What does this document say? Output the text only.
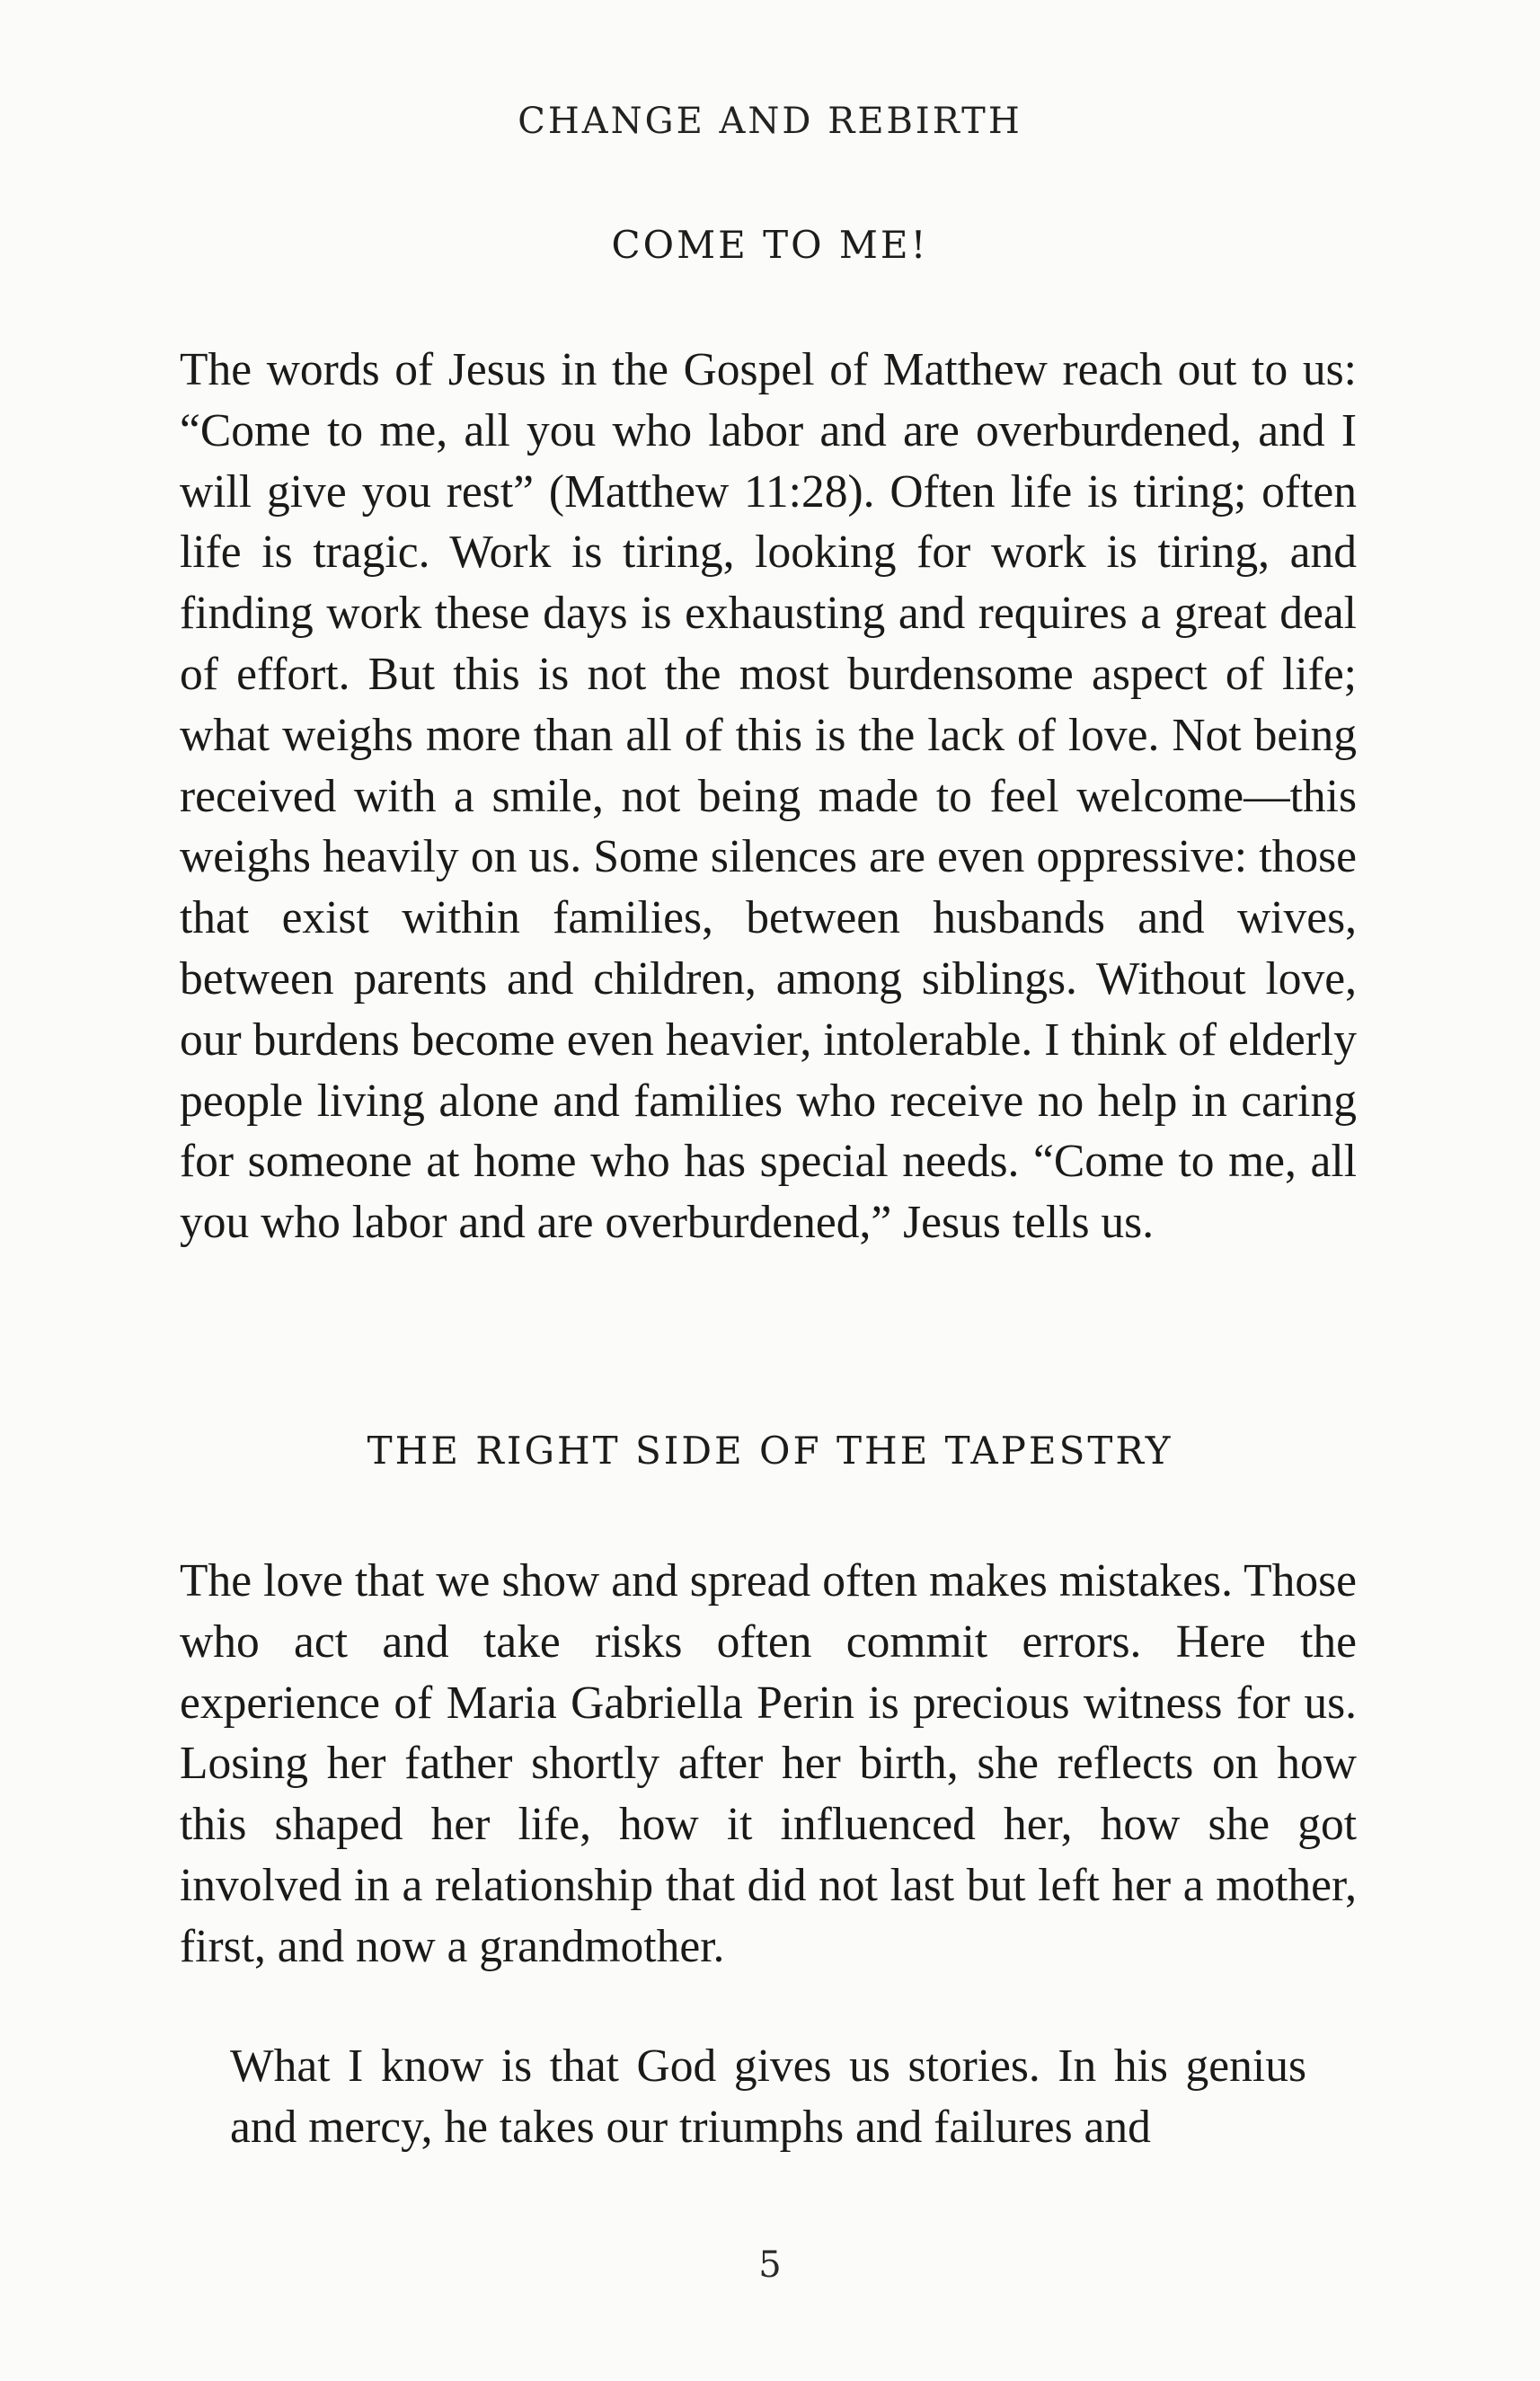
CHANGE AND REBIRTH
COME TO ME!
The words of Jesus in the Gospel of Matthew reach out to us: “Come to me, all you who labor and are overburdened, and I will give you rest” (Matthew 11:28). Often life is tiring; often life is tragic. Work is tiring, looking for work is tiring, and finding work these days is exhausting and requires a great deal of effort. But this is not the most burdensome aspect of life; what weighs more than all of this is the lack of love. Not being received with a smile, not being made to feel welcome—this weighs heavily on us. Some silences are even oppressive: those that exist within families, between husbands and wives, between parents and children, among siblings. Without love, our burdens become even heavier, intolerable. I think of elderly people living alone and families who receive no help in caring for someone at home who has special needs. “Come to me, all you who labor and are overburdened,” Jesus tells us.
THE RIGHT SIDE OF THE TAPESTRY
The love that we show and spread often makes mistakes. Those who act and take risks often commit errors. Here the experience of Maria Gabriella Perin is precious witness for us. Losing her father shortly after her birth, she reflects on how this shaped her life, how it influenced her, how she got involved in a relationship that did not last but left her a mother, first, and now a grandmother.
What I know is that God gives us stories. In his genius and mercy, he takes our triumphs and failures and
5
